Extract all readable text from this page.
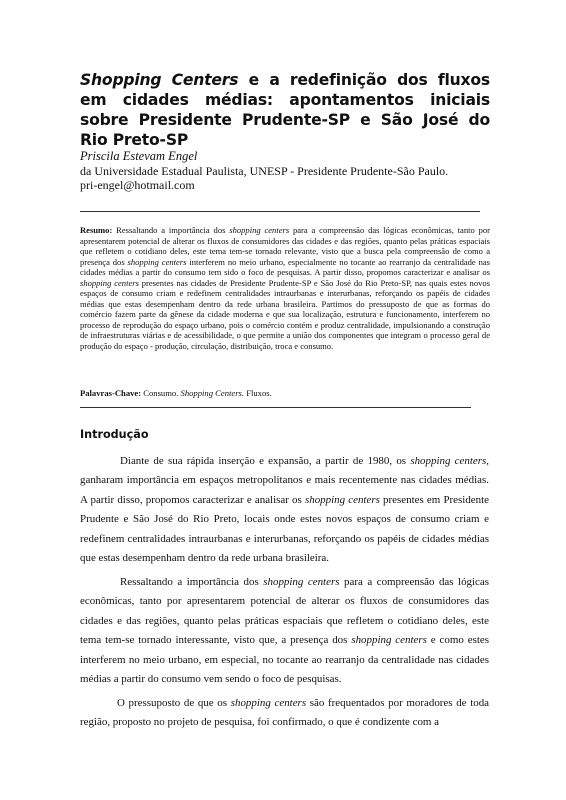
Shopping Centers e a redefinição dos fluxos em cidades médias: apontamentos iniciais sobre Presidente Prudente-SP e São José do Rio Preto-SP
Priscila Estevam Engel
da Universidade Estadual Paulista, UNESP - Presidente Prudente-São Paulo.
pri-engel@hotmail.com
Resumo: Ressaltando a importância dos shopping centers para a compreensão das lógicas econômicas, tanto por apresentarem potencial de alterar os fluxos de consumidores das cidades e das regiões, quanto pelas práticas espaciais que refletem o cotidiano deles, este tema tem-se tornado relevante, visto que a busca pela compreensão de como a presença dos shopping centers interferem no meio urbano, especialmente no tocante ao rearranjo da centralidade nas cidades médias a partir do consumo tem sido o foco de pesquisas. A partir disso, propomos caracterizar e analisar os shopping centers presentes nas cidades de Presidente Prudente-SP e São José do Rio Preto-SP, nas quais estes novos espaços de consumo criam e redefinem centralidades intraurbanas e interurbanas, reforçando os papéis de cidades médias que estas desempenham dentro da rede urbana brasileira. Partimos do pressuposto de que as formas do comércio fazem parte da gênese da cidade moderna e que sua localização, estrutura e funcionamento, interferem no processo de reprodução do espaço urbano, pois o comércio contém e produz centralidade, impulsionando a construção de infraestruturas viárias e de acessibilidade, o que permite a união dos componentes que integram o processo geral de produção do espaço - produção, circulação, distribuição, troca e consumo.
Palavras-Chave: Consumo. Shopping Centers. Fluxos.
Introdução

Diante de sua rápida inserção e expansão, a partir de 1980, os shopping centers, ganharam importância em espaços metropolitanos e mais recentemente nas cidades médias. A partir disso, propomos caracterizar e analisar os shopping centers presentes em Presidente Prudente e São José do Rio Preto, locais onde estes novos espaços de consumo criam e redefinem centralidades intraurbanas e interurbanas, reforçando os papéis de cidades médias que estas desempenham dentro da rede urbana brasileira.

Ressaltando a importância dos shopping centers para a compreensão das lógicas econômicas, tanto por apresentarem potencial de alterar os fluxos de consumidores das cidades e das regiões, quanto pelas práticas espaciais que refletem o cotidiano deles, este tema tem-se tornado interessante, visto que, a presença dos shopping centers e como estes interferem no meio urbano, em especial, no tocante ao rearranjo da centralidade nas cidades médias a partir do consumo vem sendo o foco de pesquisas.

O pressuposto de que os shopping centers são frequentados por moradores de toda região, proposto no projeto de pesquisa, foi confirmado, o que é condizente com a
